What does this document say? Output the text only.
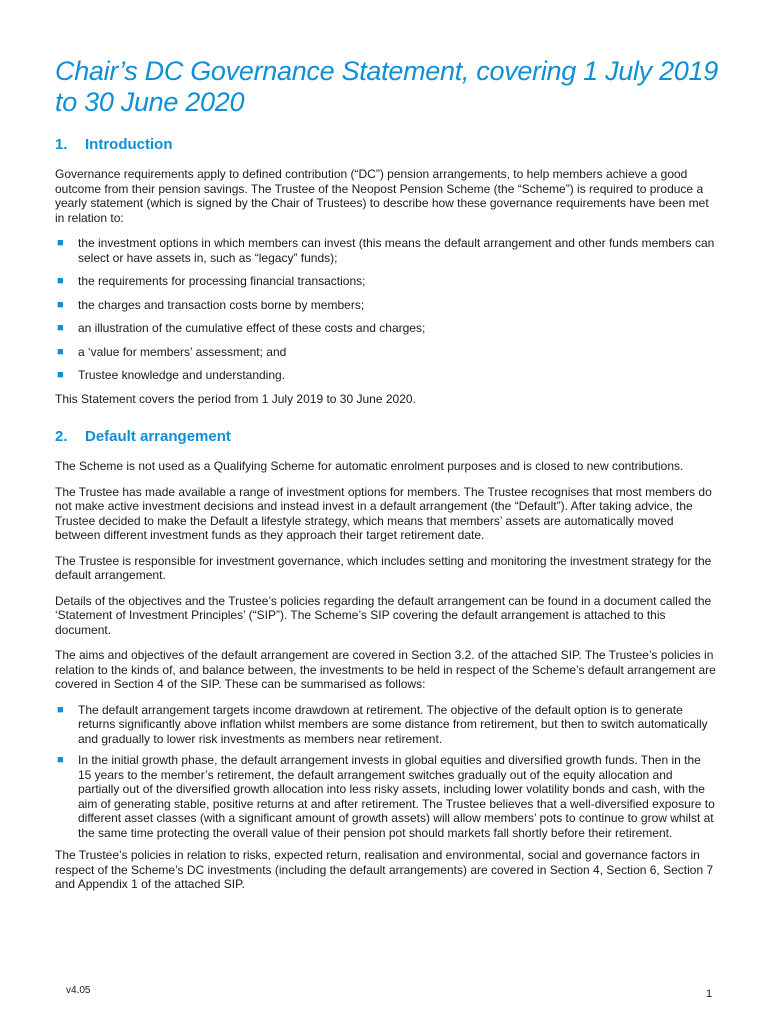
Chair’s DC Governance Statement, covering 1 July 2019 to 30 June 2020
1.	Introduction

Governance requirements apply to defined contribution (“DC”) pension arrangements, to help members achieve a good outcome from their pension savings. The Trustee of the Neopost Pension Scheme (the “Scheme”) is required to produce a yearly statement (which is signed by the Chair of Trustees) to describe how these governance requirements have been met in relation to:

■ the investment options in which members can invest (this means the default arrangement and other funds members can select or have assets in, such as “legacy” funds);
■ the requirements for processing financial transactions;
■ the charges and transaction costs borne by members;
■ an illustration of the cumulative effect of these costs and charges;
■ a ‘value for members’ assessment; and
■ Trustee knowledge and understanding.

This Statement covers the period from 1 July 2019 to 30 June 2020.

2.	Default arrangement

The Scheme is not used as a Qualifying Scheme for automatic enrolment purposes and is closed to new contributions.

The Trustee has made available a range of investment options for members. The Trustee recognises that most members do not make active investment decisions and instead invest in a default arrangement (the “Default”). After taking advice, the Trustee decided to make the Default a lifestyle strategy, which means that members’ assets are automatically moved between different investment funds as they approach their target retirement date.

The Trustee is responsible for investment governance, which includes setting and monitoring the investment strategy for the default arrangement.

Details of the objectives and the Trustee’s policies regarding the default arrangement can be found in a document called the ‘Statement of Investment Principles’ (“SIP”). The Scheme’s SIP covering the default arrangement is attached to this document.

The aims and objectives of the default arrangement are covered in Section 3.2. of the attached SIP. The Trustee’s policies in relation to the kinds of, and balance between, the investments to be held in respect of the Scheme’s default arrangement are covered in Section 4 of the SIP. These can be summarised as follows:

■ The default arrangement targets income drawdown at retirement. The objective of the default option is to generate returns significantly above inflation whilst members are some distance from retirement, but then to switch automatically and gradually to lower risk investments as members near retirement.
■ In the initial growth phase, the default arrangement invests in global equities and diversified growth funds. Then in the 15 years to the member’s retirement, the default arrangement switches gradually out of the equity allocation and partially out of the diversified growth allocation into less risky assets, including lower volatility bonds and cash, with the aim of generating stable, positive returns at and after retirement. The Trustee believes that a well-diversified exposure to different asset classes (with a significant amount of growth assets) will allow members’ pots to continue to grow whilst at the same time protecting the overall value of their pension pot should markets fall shortly before their retirement.

The Trustee’s policies in relation to risks, expected return, realisation and environmental, social and governance factors in respect of the Scheme’s DC investments (including the default arrangements) are covered in Section 4, Section 6, Section 7 and Appendix 1 of the attached SIP.

v4.05	1
